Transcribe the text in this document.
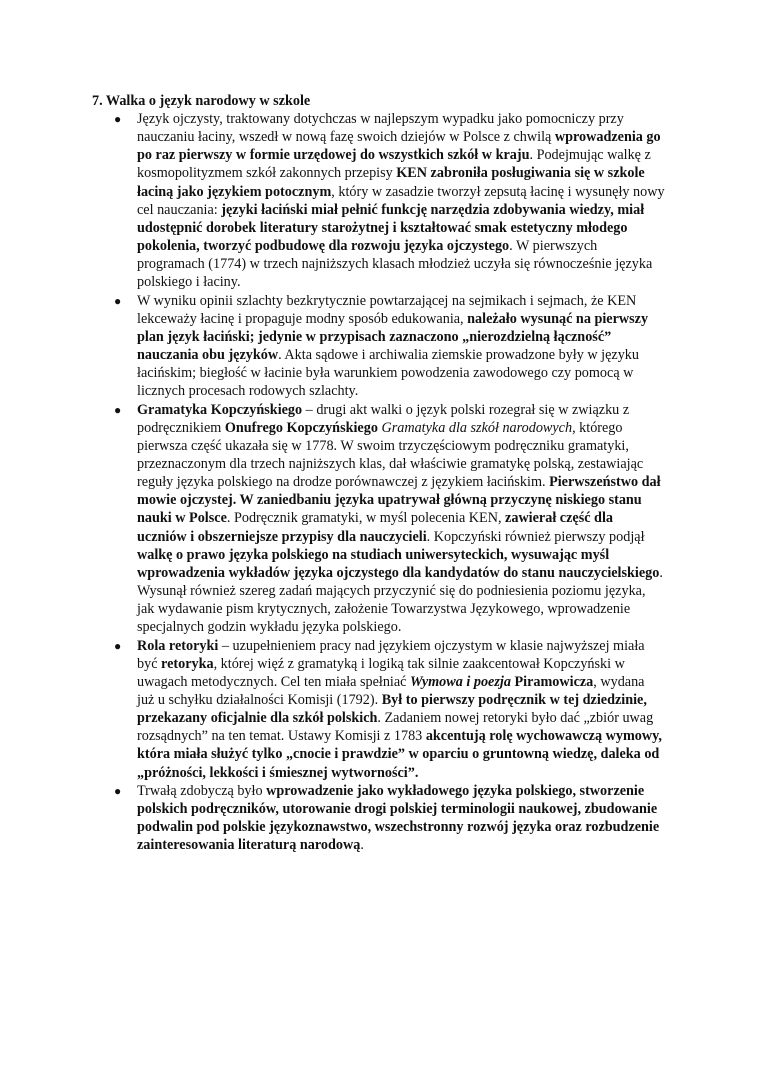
7. Walka o język narodowy w szkole
● Język ojczysty, traktowany dotychczas w najlepszym wypadku jako pomocniczy przy nauczaniu łaciny, wszedł w nową fazę swoich dziejów w Polsce z chwilą wprowadzenia go po raz pierwszy w formie urzędowej do wszystkich szkół w kraju. Podejmując walkę z kosmopolityzmem szkół zakonnych przepisy KEN zabroniła posługiwania się w szkole łaciną jako językiem potocznym, który w zasadzie tworzył zepsutą łacinę i wysunęły nowy cel nauczania: języki łaciński miał pełnić funkcję narzędzia zdobywania wiedzy, miał udostępnić dorobek literatury starożytnej i kształtować smak estetyczny młodego pokolenia, tworzyć podbudowę dla rozwoju języka ojczystego. W pierwszych programach (1774) w trzech najniższych klasach młodzież uczyła się równocześnie języka polskiego i łaciny.
● W wyniku opinii szlachty bezkrytycznie powtarzającej na sejmikach i sejmach, że KEN lekceważy łacinę i propaguje modny sposób edukowania, należało wysunąć na pierwszy plan język łaciński; jedynie w przypisach zaznaczono „nierozdzielną łączność” nauczania obu języków. Akta sądowe i archiwalia ziemskie prowadzone były w języku łacińskim; biegłość w łacinie była warunkiem powodzenia zawodowego czy pomocą w licznych procesach rodowych szlachty.
● Gramatyka Kopczyńskiego – drugi akt walki o język polski rozegrał się w związku z podręcznikiem Onufrego Kopczyńskiego Gramatyka dla szkół narodowych, którego pierwsza część ukazała się w 1778. W swoim trzyczęściowym podręczniku gramatyki, przeznaczonym dla trzech najniższych klas, dał właściwie gramatykę polską, zestawiając reguły języka polskiego na drodze porównawczej z językiem łacińskim. Pierwszeństwo dał mowie ojczystej. W zaniedbaniu języka upatrywał główną przyczynę niskiego stanu nauki w Polsce. Podręcznik gramatyki, w myśl polecenia KEN, zawierał część dla uczniów i obszerniejsze przypisy dla nauczycieli. Kopczyński również pierwszy podjął walkę o prawo języka polskiego na studiach uniwersyteckich, wysuwając myśl wprowadzenia wykładów języka ojczystego dla kandydatów do stanu nauczycielskiego. Wysunął również szereg zadań mających przyczynić się do podniesienia poziomu języka, jak wydawanie pism krytycznych, założenie Towarzystwa Językowego, wprowadzenie specjalnych godzin wykładu języka polskiego.
● Rola retoryki – uzupełnieniem pracy nad językiem ojczystym w klasie najwyższej miała być retoryka, której więź z gramatyką i logiką tak silnie zaakcentował Kopczyński w uwagach metodycznych. Cel ten miała spełniać Wymowa i poezja Piramowicza, wydana już u schyłku działalności Komisji (1792). Był to pierwszy podręcznik w tej dziedzinie, przekazany oficjalnie dla szkół polskich. Zadaniem nowej retoryki było dać „zbiór uwag rozsądnych” na ten temat. Ustawy Komisji z 1783 akcentują rolę wychowawczą wymowy, która miała służyć tylko „cnocie i prawdzie” w oparciu o gruntowną wiedzę, daleka od „próżności, lekkości i śmiesznej wytworności”.
● Trwałą zdobyczą było wprowadzenie jako wykładowego języka polskiego, stworzenie polskich podręczników, utorowanie drogi polskiej terminologii naukowej, zbudowanie podwalin pod polskie językoznawstwo, wszechstronny rozwój języka oraz rozbudzenie zainteresowania literaturą narodową.
